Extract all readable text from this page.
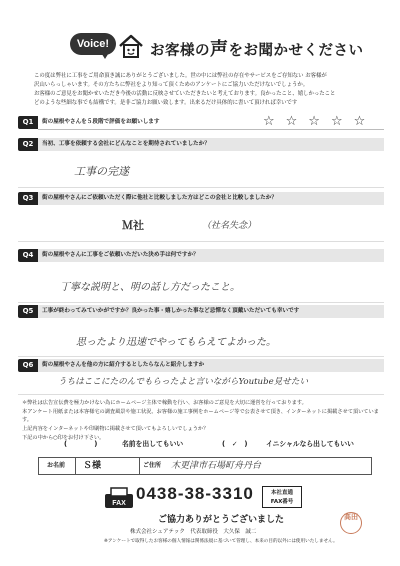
Voice!	お客様の声をお聞かせください
この度は弊社に工事をご用命頂き誠にありがとうございました。世の中には弊社の存在やサービスをご存知ない お客様が
沢山いらっしゃいます。その方たちに弊社をより知って頂くためのアンケートにご協力いただけないでしょうか。
お客様のご意見をお聞かせいただき今後の活動に反映させていただきたいと考えております。良かったこと、嬉しかったこと
どのような些細な事でも結構です。是非ご協力お願い致します。出来るだけ具体的に書いて頂ければ幸いです
Q1	街の屋根やさんを５段階で評価をお願いします	☆☆☆☆☆
Q2	当初、工事を依頼する会社にどんなことを期待されていましたか？
工事の完遂
Q3	街の屋根やさんにご依頼いただく際に他社と比較しました方はどこの会社と比較しましたか？
Ｍ社	（社名失念）
Q4	街の屋根やさんに工事をご依頼いただいた決め手は何ですか？
丁寧な説明と、明の話し方だったこと。
Q5	工事が終わってみていかがですか？良かった事・嬉しかった事など忌憚なく頂戴いただいても幸いです
思ったより迅速でやってもらえてよかった。
Q6	街の屋根やさんを他の方に紹介するとしたらなんと紹介しますか
うちはここにたのんでもらったよと言いながらYoutube見せたい
＊弊社は広告宣伝費を極力かけない為にホームページ主体で稼動を行い、お客様のご意見を大切に運営を行っております。
本アンケート用紙または本客様宅の調査風景や施工状況、お客様の施工事例をホームページ等で公表させて頂き、インターネットに掲載させて頂いています。
上記内容をインターネットや印刷物に掲載させて頂いてもよろしいでしょうか？
下記の中から○印をお付け下さい。
(　　　　)	名前を出してもいい	(　✓　)	イニシャルなら出してもいい
お名前 Ｓ様	ご住所 木更津市石場町舟丹台
FAX
0438-38-3310	本社直通
FAX番号
ご協力ありがとうございました
株式会社シェアテック　代表取締役　大久保　誠二
※アンケートで取得したお客様の個人情報は関係法規に基づいて管理し、本来の目的以外には使用いたしません。
高田
